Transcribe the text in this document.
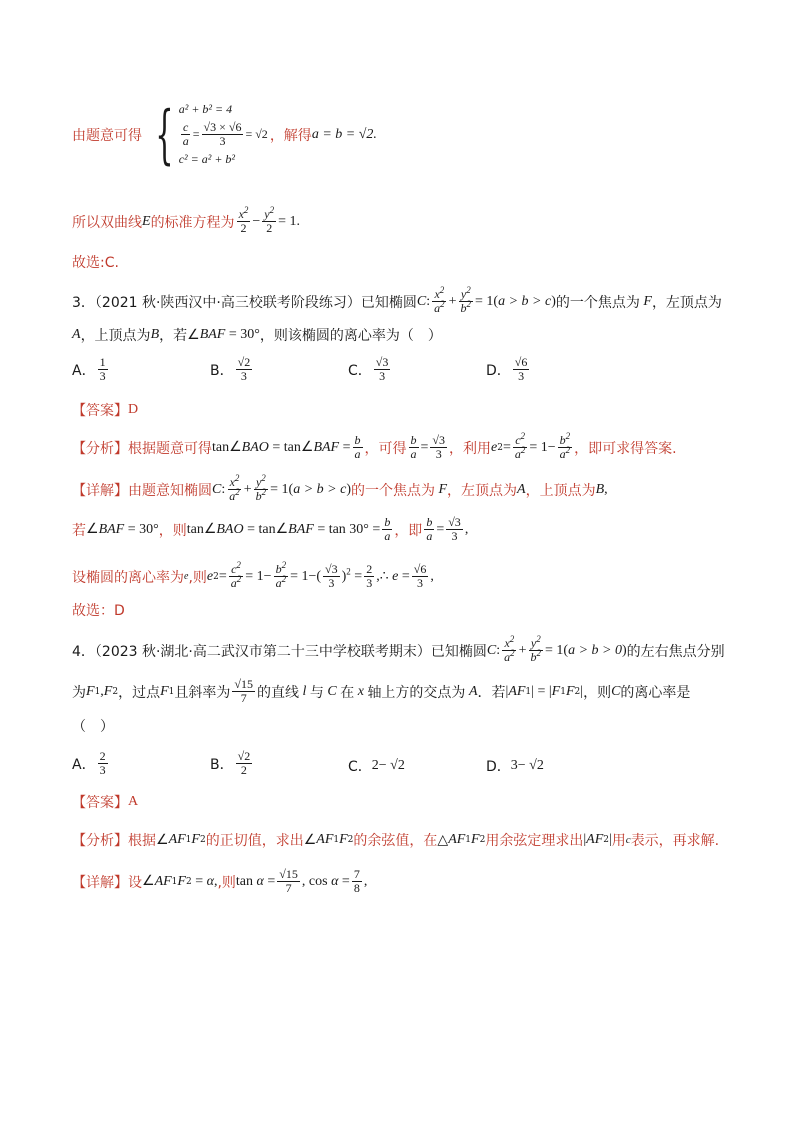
由题意可得 { a² + b² = 4
$\frac{c}{a} = \frac{√3 \times √6}{3} = √2$
c² = a² + b²
，解得 a = b = √2.
所以双曲线 E 的标准方程为 $\frac{x^2}{2} - \frac{y^2}{2} = 1$.
故选:C.
3．（2021 秋·陕西汉中·高三校联考阶段练习）已知椭圆 C : $\frac{x^2}{a^2} + \frac{y^2}{b^2} = 1$( a > b > c ) 的一个焦点为 F ，左顶点为
A ，上顶点为 B ，若 ∠ BAF = 30° ，则该椭圆的离心率为（　）
A． $\frac{1}{3}$	B． $\frac{√2}{3}$	C． $\frac{√3}{3}$	D． $\frac{√6}{3}$
【答案】 D
【分析】 根据题意可得 tan∠ BAO = tan∠ BAF = $\frac{b}{a}$ ，可得 $\frac{b}{a} = \frac{√3}{3}$ ，利用 e $2 = \frac{c^2}{a^2} = 1- \frac{b^2}{a^2}$ ，即可求得答案.
【详解】 由题意知椭圆 C : $\frac{x^2}{a^2} + \frac{y^2}{b^2} = 1$( a > b > c ) 的一个焦点为 F ，左顶点为 A ，上顶点为 B ,
若 ∠ BAF = 30° ，则 tan∠ BAO = tan∠ BAF = $\tan 30^\circ = \frac{b}{a}$ ，即 $\frac{b}{a} = \frac{√3}{3}$ ,
设椭圆的离心率为 e ,则 e $2 = \frac{c^2}{a^2} = 1- \frac{b^2}{a^2} = 1-( \frac{√3}{3} )^2 = \frac{2}{3}$ ,∴ $e = \frac{√6}{3}$ ,
故选：D
4．（2023 秋·湖北·高二武汉市第二十三中学校联考期末）已知椭圆 C : $\frac{x^2}{a^2} + \frac{y^2}{b^2} = 1$( a > b > 0 ) 的左右焦点分别
为 F 1 , F 2 ，过点 F 1 且斜率为 $\frac{√15}{7}$ 的直线 l 与 C 在 x 轴上方的交点为 A ．若 | AF 1 | = | F 1 F 2 | ，则 C 的离心率是
（　）
A． $\frac{2}{3}$	B． $\frac{√2}{2}$	C． 2− √2	D． 3− √2
【答案】 A
【分析】 根据 ∠ AF 1 F 2 的正切值，求出 ∠ AF 1 F 2 的余弦值，在 △ AF 1 F 2 用余弦定理求出 | AF 2 | 用 c 表示，再求解.
【详解】 设 ∠ AF 1 F 2 = α , ,则 $\tan \alpha = \frac{√15}{7}$ , $\cos \alpha = \frac{7}{8}$ ,
